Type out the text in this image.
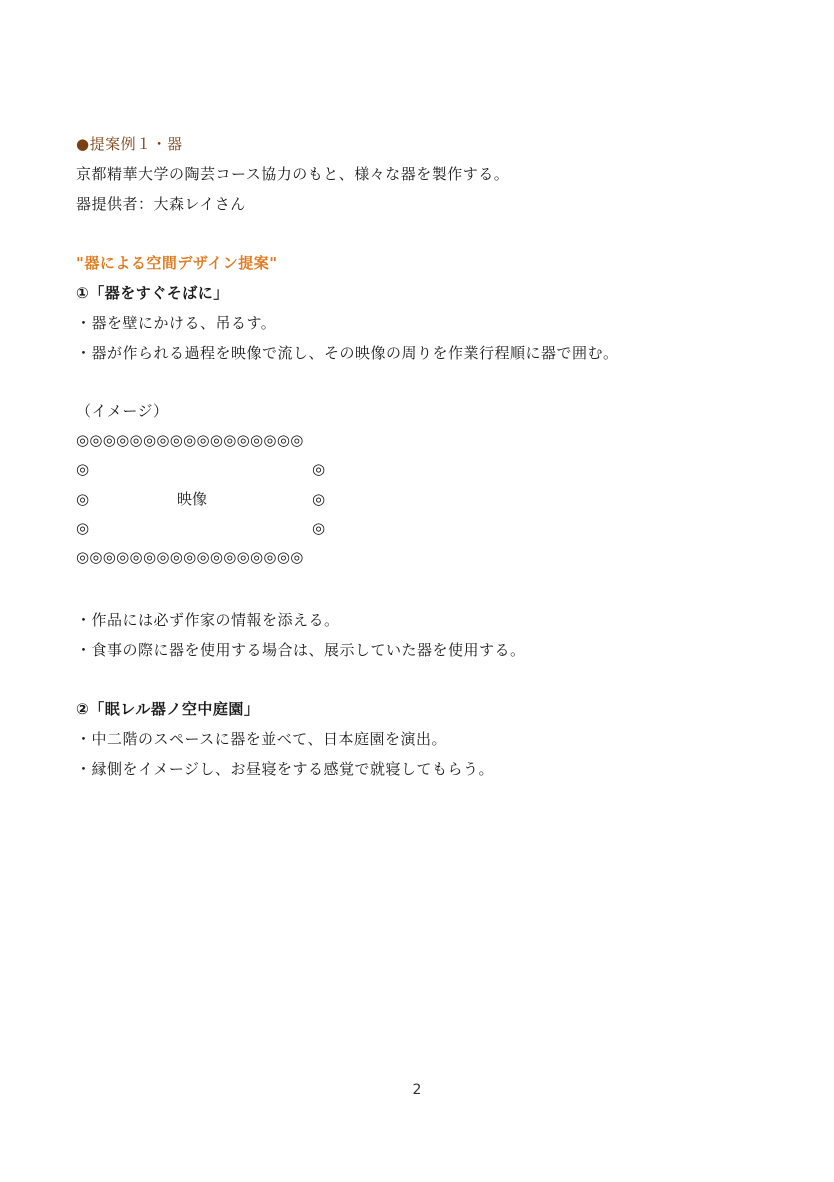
●提案例１・器
京都精華大学の陶芸コース協力のもと、様々な器を製作する。
器提供者：大森レイさん
"器による空間デザイン提案"
①「器をすぐそばに」
・器を壁にかける、吊るす。
・器が作られる過程を映像で流し、その映像の周りを作業行程順に器で囲む。
（イメージ）
◎◎◎◎◎◎◎◎◎◎◎◎◎◎◎◎◎
◎	◎
◎	映像	◎
◎	◎
◎◎◎◎◎◎◎◎◎◎◎◎◎◎◎◎◎
・作品には必ず作家の情報を添える。
・食事の際に器を使用する場合は、展示していた器を使用する。
②「眠レル器ノ空中庭園」
・中二階のスペースに器を並べて、日本庭園を演出。
・縁側をイメージし、お昼寝をする感覚で就寝してもらう。
2
